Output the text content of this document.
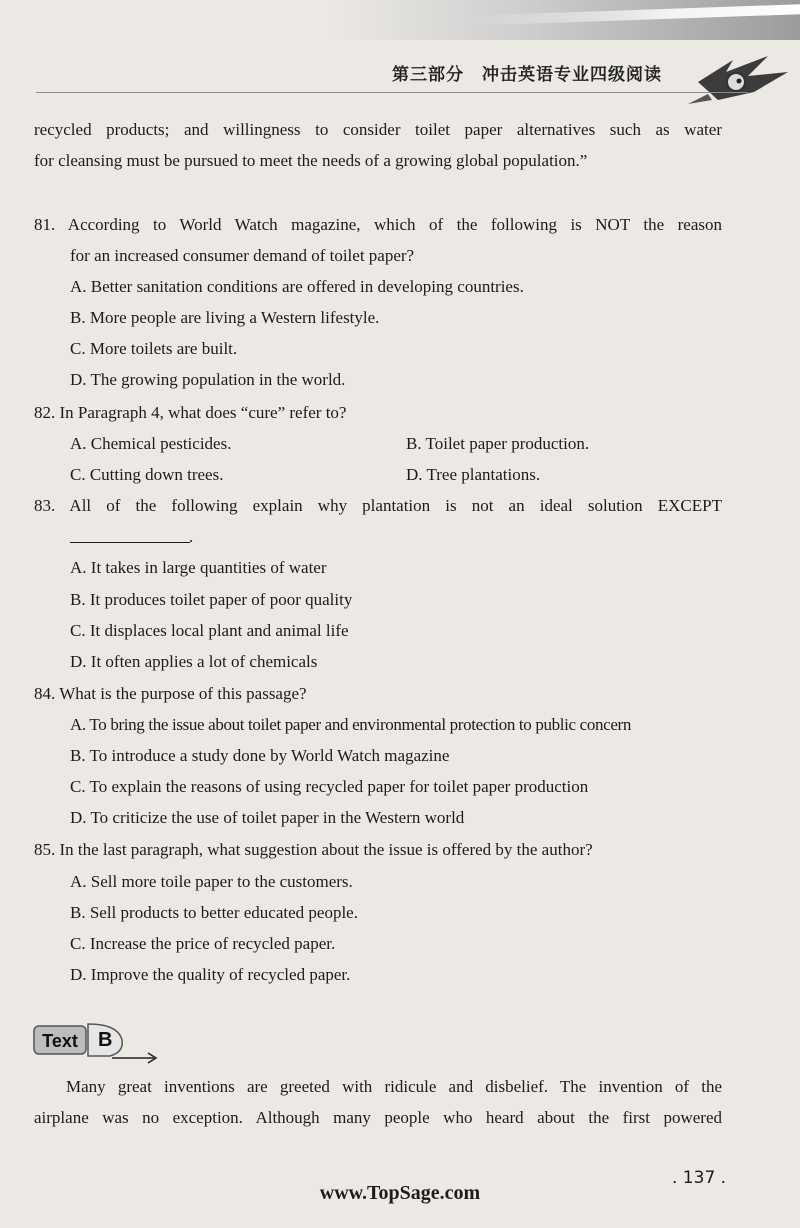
第三部分　冲击英语专业四级阅读
recycled products; and willingness to consider toilet paper alternatives such as water
for cleansing must be pursued to meet the needs of a growing global population.”
81. According to World Watch magazine, which of the following is NOT the reason
for an increased consumer demand of toilet paper?
A. Better sanitation conditions are offered in developing countries.
B. More people are living a Western lifestyle.
C. More toilets are built.
D. The growing population in the world.
82. In Paragraph 4, what does “cure” refer to?
A. Chemical pesticides.	B. Toilet paper production.
C. Cutting down trees.	D. Tree plantations.
83. All of the following explain why plantation is not an ideal solution EXCEPT
.
A. It takes in large quantities of water
B. It produces toilet paper of poor quality
C. It displaces local plant and animal life
D. It often applies a lot of chemicals
84. What is the purpose of this passage?
A. To bring the issue about toilet paper and environmental protection to public concern
B. To introduce a study done by World Watch magazine
C. To explain the reasons of using recycled paper for toilet paper production
D. To criticize the use of toilet paper in the Western world
85. In the last paragraph, what suggestion about the issue is offered by the author?
A. Sell more toile paper to the customers.
B. Sell products to better educated people.
C. Increase the price of recycled paper.
D. Improve the quality of recycled paper.
Text B
Many great inventions are greeted with ridicule and disbelief. The invention of the
airplane was no exception. Although many people who heard about the first powered
. 137 .
www.TopSage.com
